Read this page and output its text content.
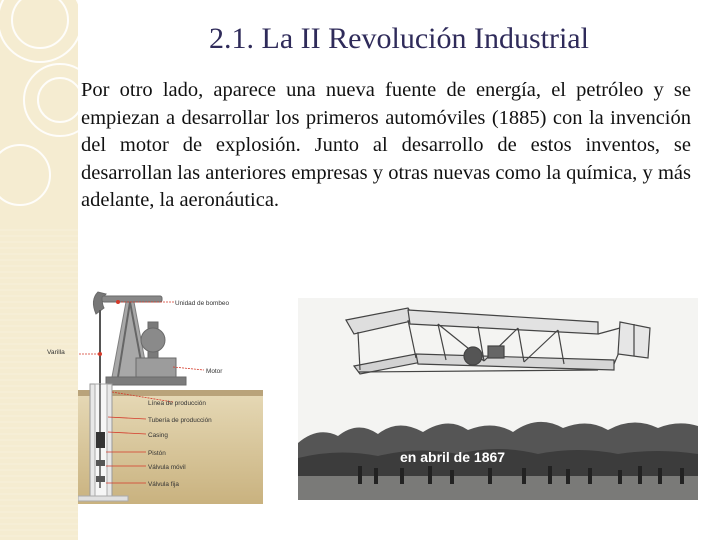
2.1. La II Revolución Industrial
Por otro lado, aparece una nueva fuente de energía, el petróleo y se empiezan a desarrollar los primeros automóviles (1885) con la invención del motor de explosión. Junto al desarrollo de estos inventos, se desarrollan las anteriores empresas y otras nuevas como la química, y más adelante, la aeronáutica.
Unidad de bombeo
Motor
Línea de producción
Tubería de producción
Casing
Pistón
Válvula móvil
Válvula fija
Varilla
en abril de 1867
